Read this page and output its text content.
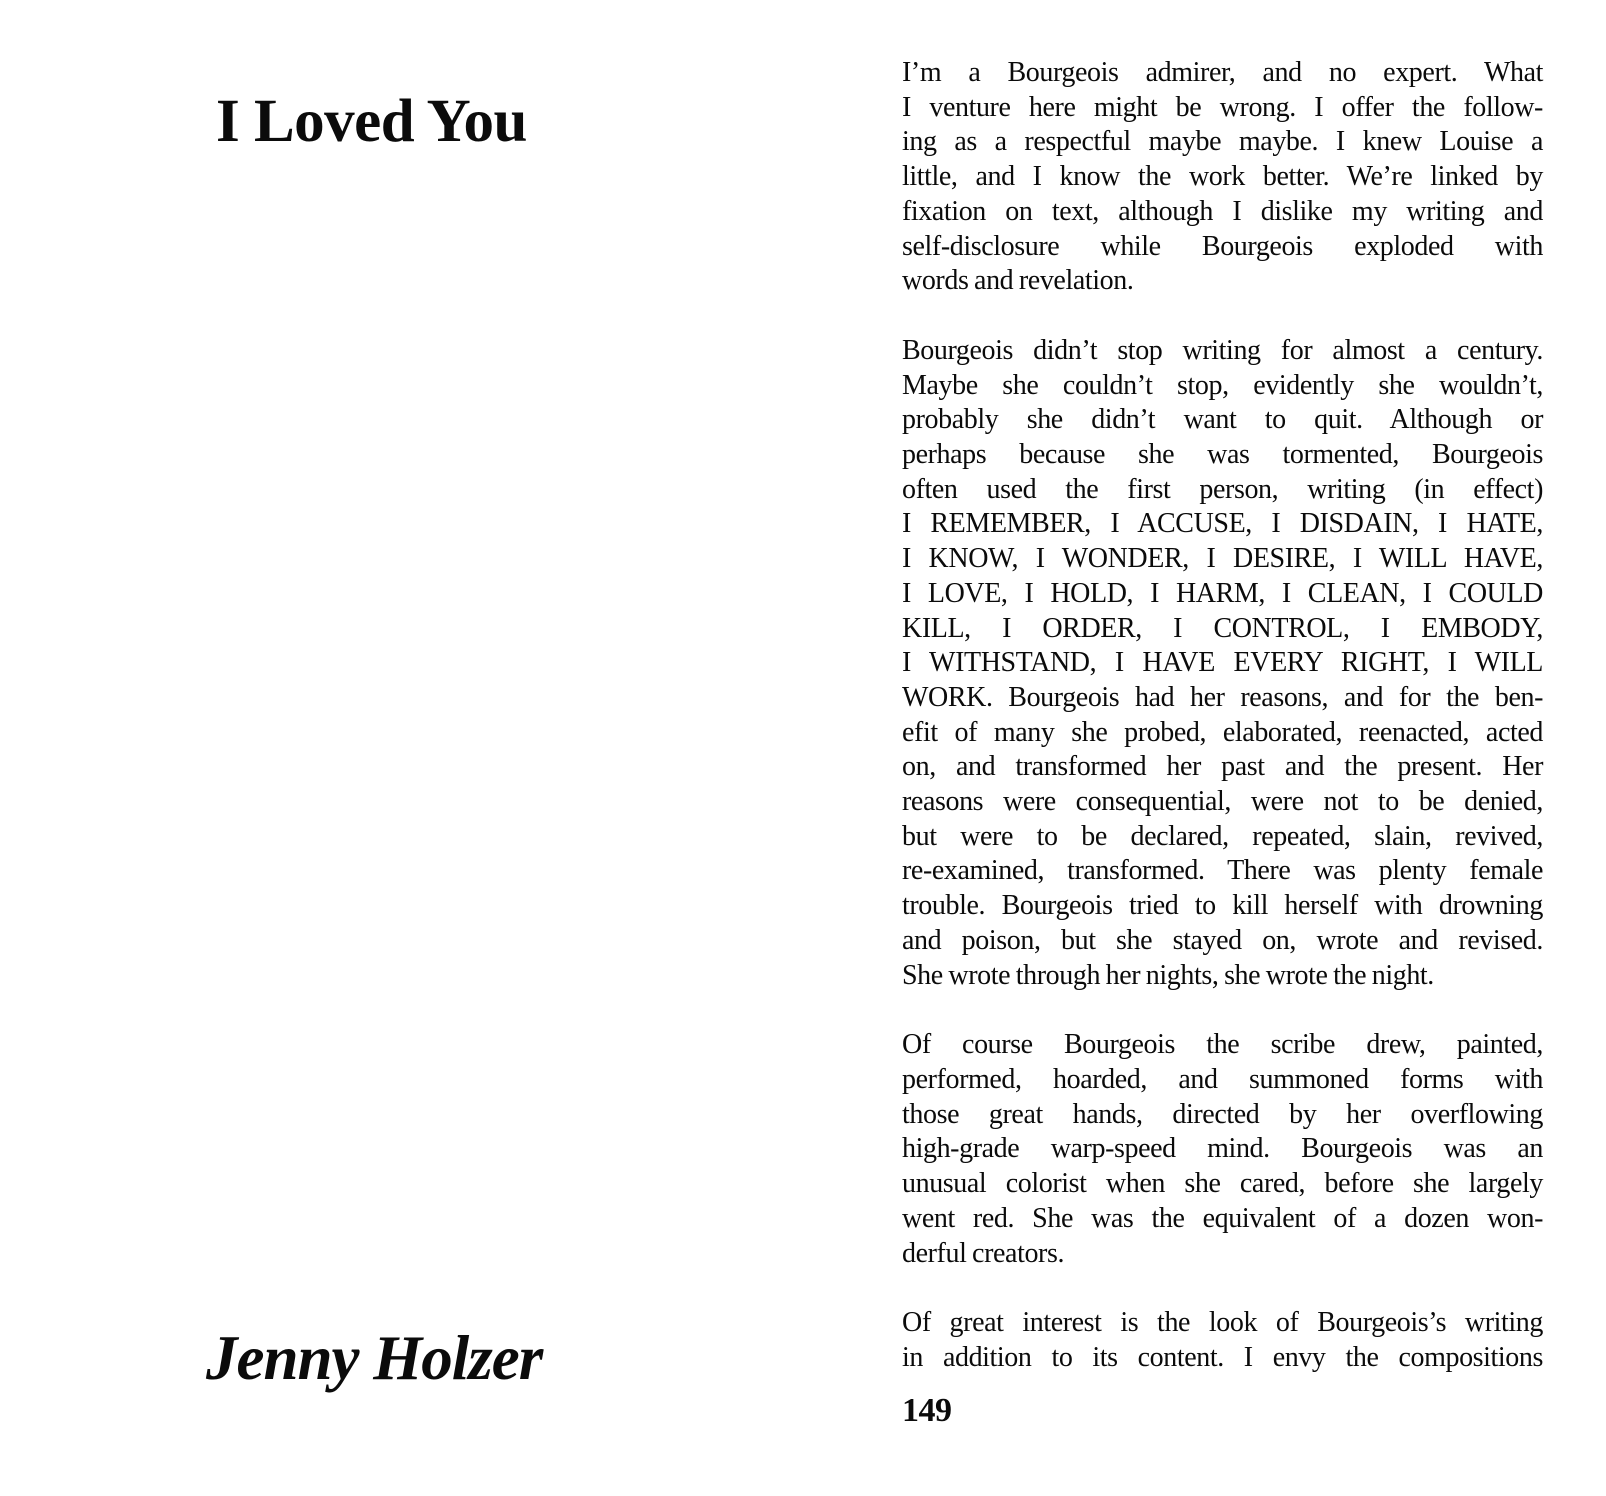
I Loved You
Jenny Holzer
I’m a Bourgeois admirer, and no expert. What
I venture here might be wrong. I offer the follow-
ing as a respectful maybe maybe. I knew Louise a
little, and I know the work better. We’re linked by
fixation on text, although I dislike my writing and
self-disclosure while Bourgeois exploded with
words and revelation.
Bourgeois didn’t stop writing for almost a century.
Maybe she couldn’t stop, evidently she wouldn’t,
probably she didn’t want to quit. Although or
perhaps because she was tormented, Bourgeois
often used the first person, writing (in effect)
I REMEMBER, I ACCUSE, I DISDAIN, I HATE,
I KNOW, I WONDER, I DESIRE, I WILL HAVE,
I LOVE, I HOLD, I HARM, I CLEAN, I COULD
KILL, I ORDER, I CONTROL, I EMBODY,
I WITHSTAND, I HAVE EVERY RIGHT, I WILL
WORK. Bourgeois had her reasons, and for the ben-
efit of many she probed, elaborated, reenacted, acted
on, and transformed her past and the present. Her
reasons were consequential, were not to be denied,
but were to be declared, repeated, slain, revived,
re-examined, transformed. There was plenty female
trouble. Bourgeois tried to kill herself with drowning
and poison, but she stayed on, wrote and revised.
She wrote through her nights, she wrote the night.
Of course Bourgeois the scribe drew, painted,
performed, hoarded, and summoned forms with
those great hands, directed by her overflowing
high-grade warp-speed mind. Bourgeois was an
unusual colorist when she cared, before she largely
went red. She was the equivalent of a dozen won-
derful creators.
Of great interest is the look of Bourgeois’s writing
in addition to its content. I envy the compositions
149
